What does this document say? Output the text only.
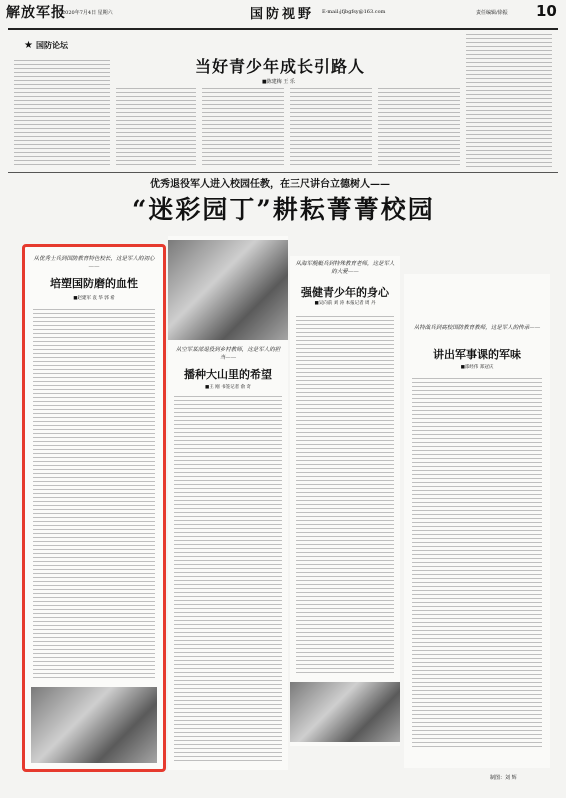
解放军报
2020年7月4日 星期六	国防视野 E-mail:jfjbgfsy@163.com	责任编辑/徐振 10
★ 国防论坛
当好青少年成长引路人
■陈建梅 王 乐
优秀退役军人进入校园任教，在三尺讲台立德树人——
“迷彩园丁”耕耘菁菁校园
从优秀士兵到国防教育特色校长，这是军人的初心——
培塑国防磨的血性
■赵建军 袁 华 郭 希
从空军某部退役到乡村教师，这是军人的担当——
播种大山里的希望
■王 刚 书签记者 俞 奇
从海军舰艇兵到特殊教育老师，这是军人的大爱——
强健青少年的身心
■吴向前 刘 涛 本报记者 周 丹
从特战兵到高校国防教育教师，这是军人的传承——
讲出军事课的军味
■邵经伟 郑冠庆
制图：刘 辉
